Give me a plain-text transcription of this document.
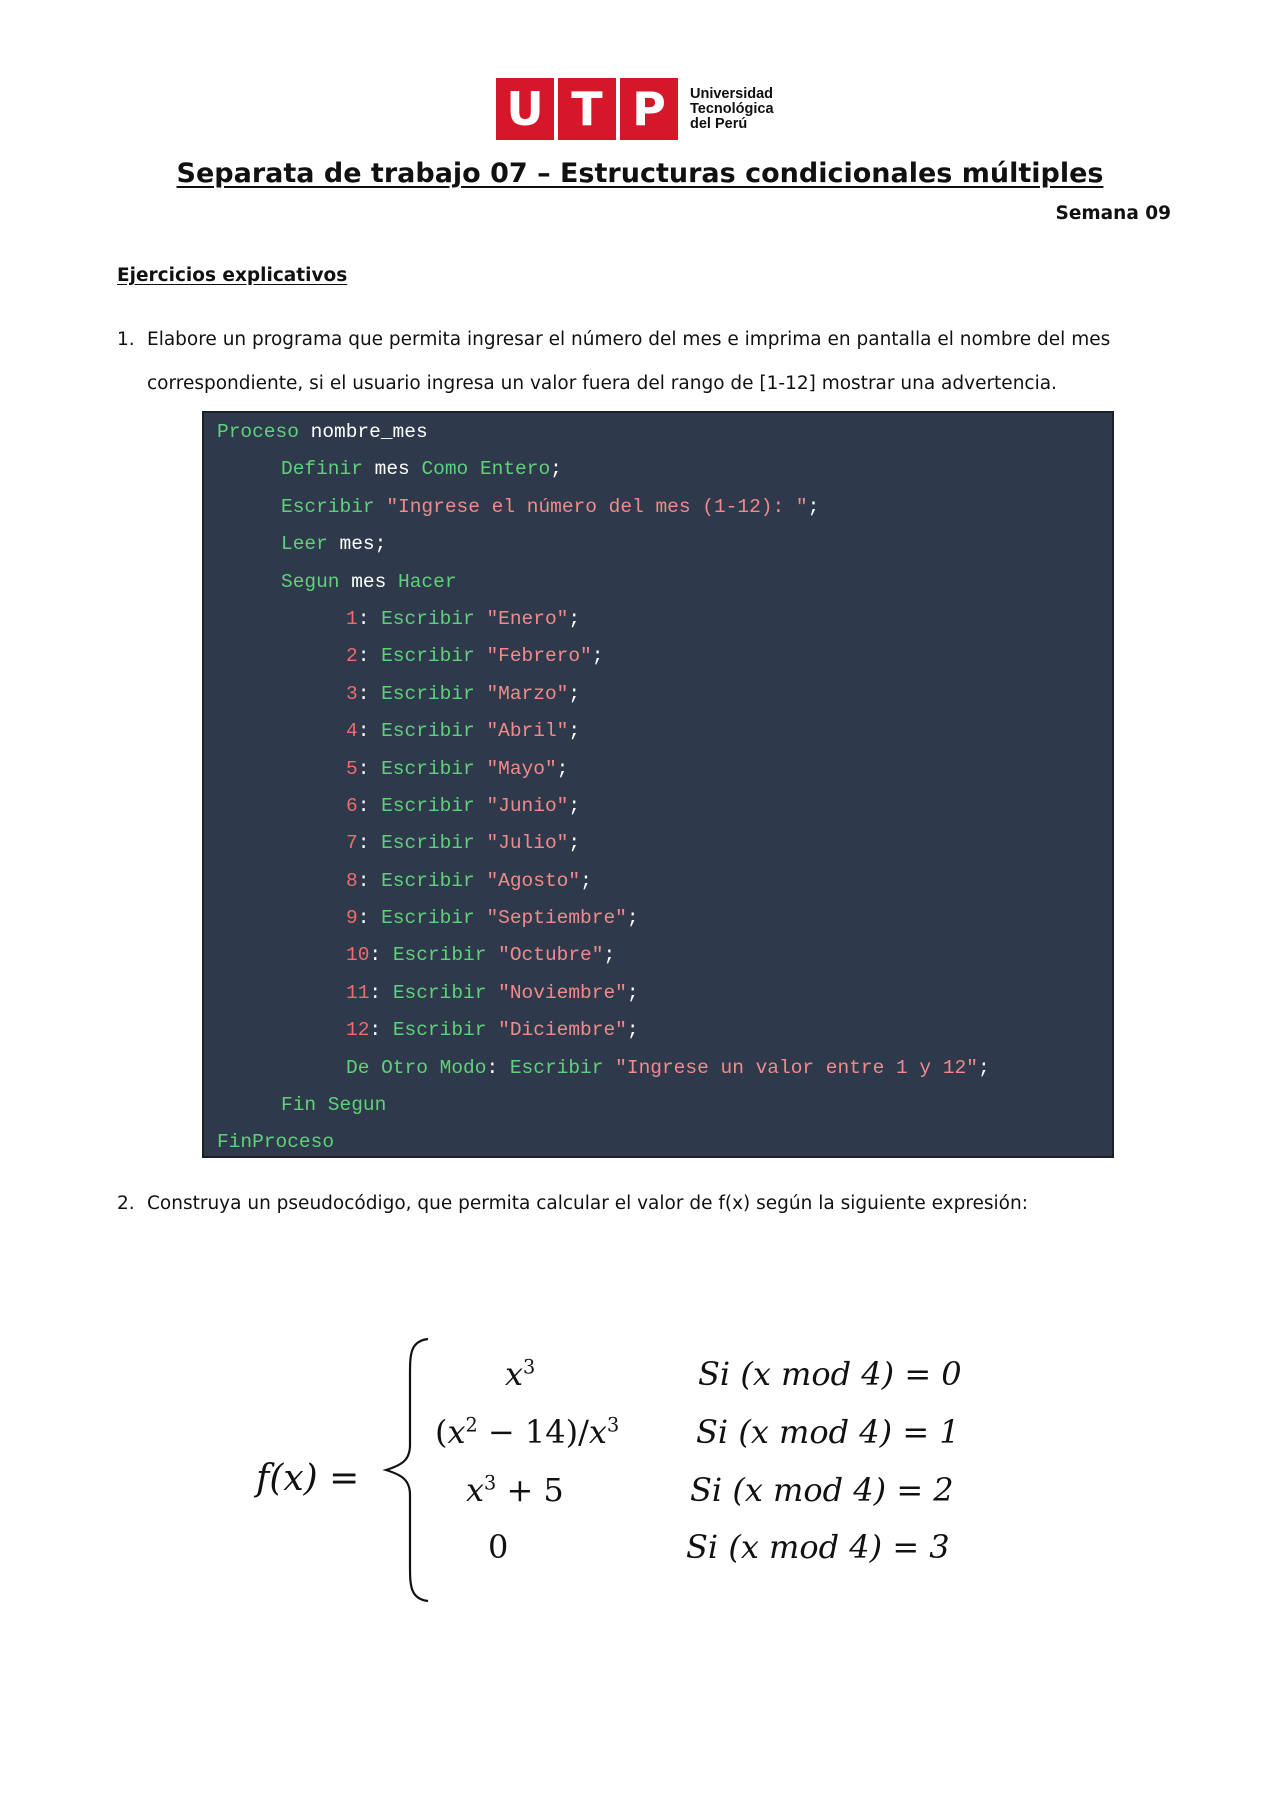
U T P	Universidad
Tecnológica
del Perú
Separata de trabajo 07 – Estructuras condicionales múltiples
Semana 09
Ejercicios explicativos
1. Elabore un programa que permita ingresar el número del mes e imprima en pantalla el nombre del mes correspondiente, si el usuario ingresa un valor fuera del rango de [1-12] mostrar una advertencia.
Proceso nombre_mes
Definir mes Como Entero;
Escribir "Ingrese el número del mes (1-12): ";
Leer mes;
Segun mes Hacer
1: Escribir "Enero";
2: Escribir "Febrero";
3: Escribir "Marzo";
4: Escribir "Abril";
5: Escribir "Mayo";
6: Escribir "Junio";
7: Escribir "Julio";
8: Escribir "Agosto";
9: Escribir "Septiembre";
10: Escribir "Octubre";
11: Escribir "Noviembre";
12: Escribir "Diciembre";
De Otro Modo: Escribir "Ingrese un valor entre 1 y 12";
Fin Segun
FinProceso
2. Construya un pseudocódigo, que permita calcular el valor de f(x) según la siguiente expresión:
f(x) =
$x^3$	Si (x mod 4) = 0
$(x^2 - 14)/x^3$ Si (x mod 4) = 1
$x^3 + 5$	Si (x mod 4) = 2
0	Si (x mod 4) = 3
